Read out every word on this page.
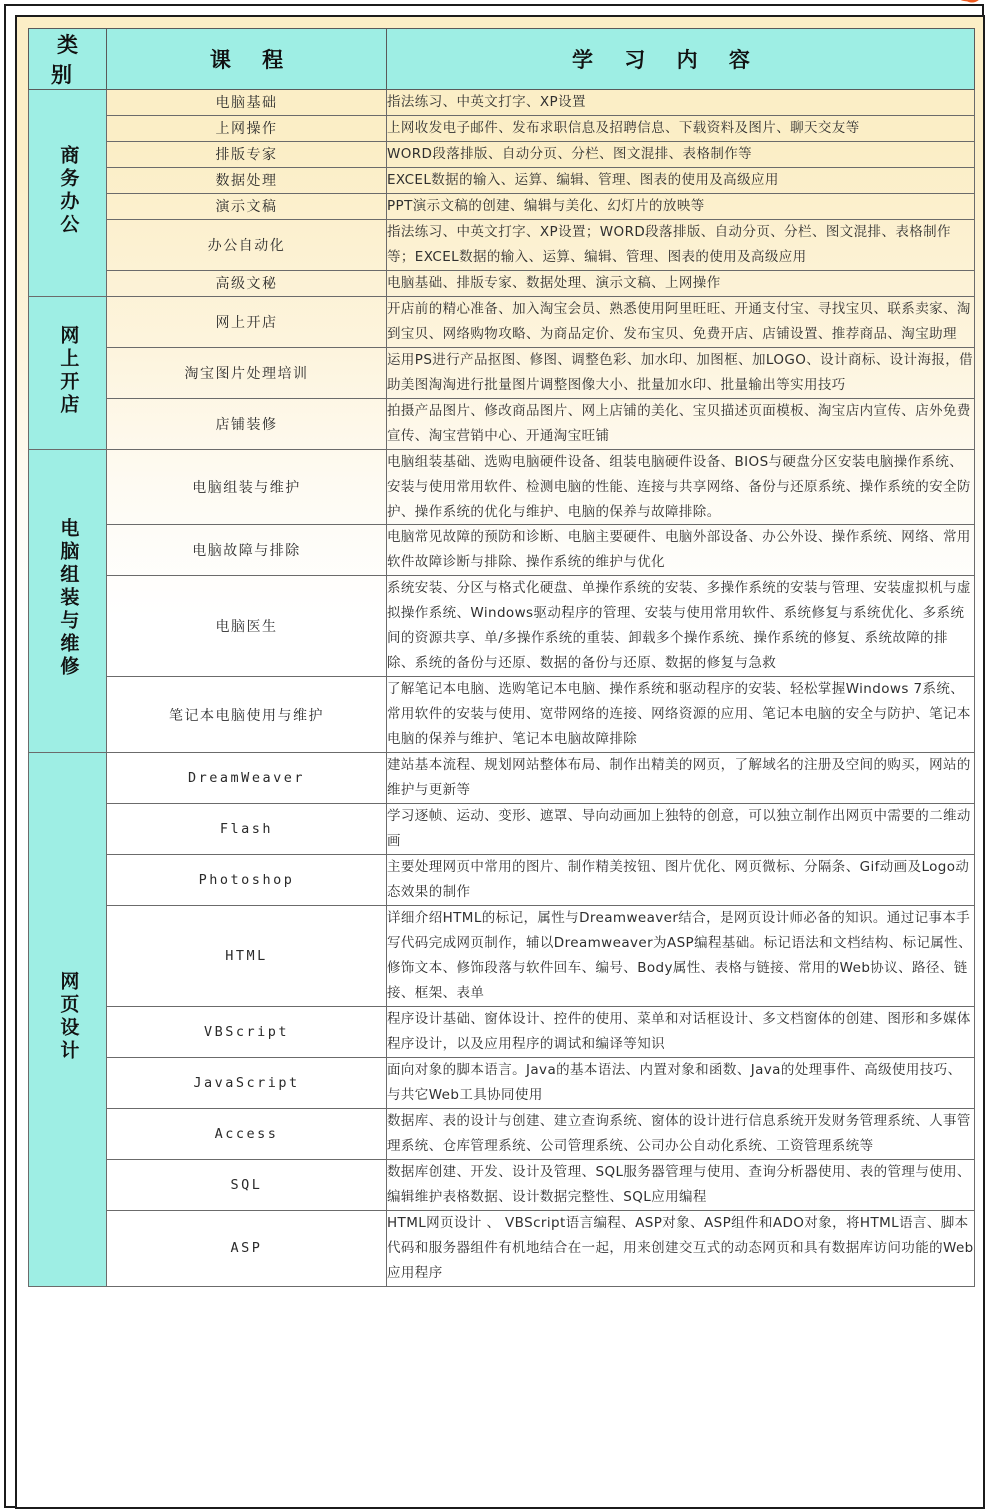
类 别	课 程	学 习 内 容
商务办公	电脑基础	指法练习、中英文打字、XP设置
	上网操作	上网收发电子邮件、发布求职信息及招聘信息、下载资料及图片、聊天交友等
	排版专家	WORD段落排版、自动分页、分栏、图文混排、表格制作等
	数据处理	EXCEL数据的输入、运算、编辑、管理、图表的使用及高级应用
	演示文稿	PPT演示文稿的创建、编辑与美化、幻灯片的放映等
	办公自动化	指法练习、中英文打字、XP设置；WORD段落排版、自动分页、分栏、图文混排、表格制作等；EXCEL数据的输入、运算、编辑、管理、图表的使用及高级应用
	高级文秘	电脑基础、排版专家、数据处理、演示文稿、上网操作
网上开店	网上开店	开店前的精心准备、加入淘宝会员、熟悉使用阿里旺旺、开通支付宝、寻找宝贝、联系卖家、淘到宝贝、网络购物攻略、为商品定价、发布宝贝、免费开店、店铺设置、推荐商品、淘宝助理
	淘宝图片处理培训	运用PS进行产品抠图、修图、调整色彩、加水印、加图框、加LOGO、设计商标、设计海报，借助美图淘淘进行批量图片调整图像大小、批量加水印、批量输出等实用技巧
	店铺装修	拍摄产品图片、修改商品图片、网上店铺的美化、宝贝描述页面模板、淘宝店内宣传、店外免费宣传、淘宝营销中心、开通淘宝旺铺
电脑组装与维修	电脑组装与维护	电脑组装基础、选购电脑硬件设备、组装电脑硬件设备、BIOS与硬盘分区安装电脑操作系统、安装与使用常用软件、检测电脑的性能、连接与共享网络、备份与还原系统、操作系统的安全防护、操作系统的优化与维护、电脑的保养与故障排除。
	电脑故障与排除	电脑常见故障的预防和诊断、电脑主要硬件、电脑外部设备、办公外设、操作系统、网络、常用软件故障诊断与排除、操作系统的维护与优化
	电脑医生	系统安装、分区与格式化硬盘、单操作系统的安装、多操作系统的安装与管理、安装虚拟机与虚拟操作系统、Windows驱动程序的管理、安装与使用常用软件、系统修复与系统优化、多系统间的资源共享、单/多操作系统的重装、卸载多个操作系统、操作系统的修复、系统故障的排除、系统的备份与还原、数据的备份与还原、数据的修复与急救
	笔记本电脑使用与维护	了解笔记本电脑、选购笔记本电脑、操作系统和驱动程序的安装、轻松掌握Windows 7系统、常用软件的安装与使用、宽带网络的连接、网络资源的应用、笔记本电脑的安全与防护、笔记本电脑的保养与维护、笔记本电脑故障排除
网页设计	DreamWeaver	建站基本流程、规划网站整体布局、制作出精美的网页，了解域名的注册及空间的购买，网站的维护与更新等
	Flash	学习逐帧、运动、变形、遮罩、导向动画加上独特的创意，可以独立制作出网页中需要的二维动画
	Photoshop	主要处理网页中常用的图片、制作精美按钮、图片优化、网页微标、分隔条、Gif动画及Logo动态效果的制作
	HTML	详细介绍HTML的标记，属性与Dreamweaver结合，是网页设计师必备的知识。通过记事本手写代码完成网页制作，辅以Dreamweaver为ASP编程基础。标记语法和文档结构、标记属性、修饰文本、修饰段落与软件回车、编号、Body属性、表格与链接、常用的Web协议、路径、链接、框架、表单
	VBScript	程序设计基础、窗体设计、控件的使用、菜单和对话框设计、多文档窗体的创建、图形和多媒体程序设计，以及应用程序的调试和编译等知识
	JavaScript	面向对象的脚本语言。Java的基本语法、内置对象和函数、Java的处理事件、高级使用技巧、与共它Web工具协同使用
	Access	数据库、表的设计与创建、建立查询系统、窗体的设计进行信息系统开发财务管理系统、人事管理系统、仓库管理系统、公司管理系统、公司办公自动化系统、工资管理系统等
	SQL	数据库创建、开发、设计及管理、SQL服务器管理与使用、查询分析器使用、表的管理与使用、编辑维护表格数据、设计数据完整性、SQL应用编程
	ASP	HTML网页设计 、 VBScript语言编程、ASP对象、ASP组件和ADO对象，将HTML语言、脚本代码和服务器组件有机地结合在一起，用来创建交互式的动态网页和具有数据库访问功能的Web应用程序
